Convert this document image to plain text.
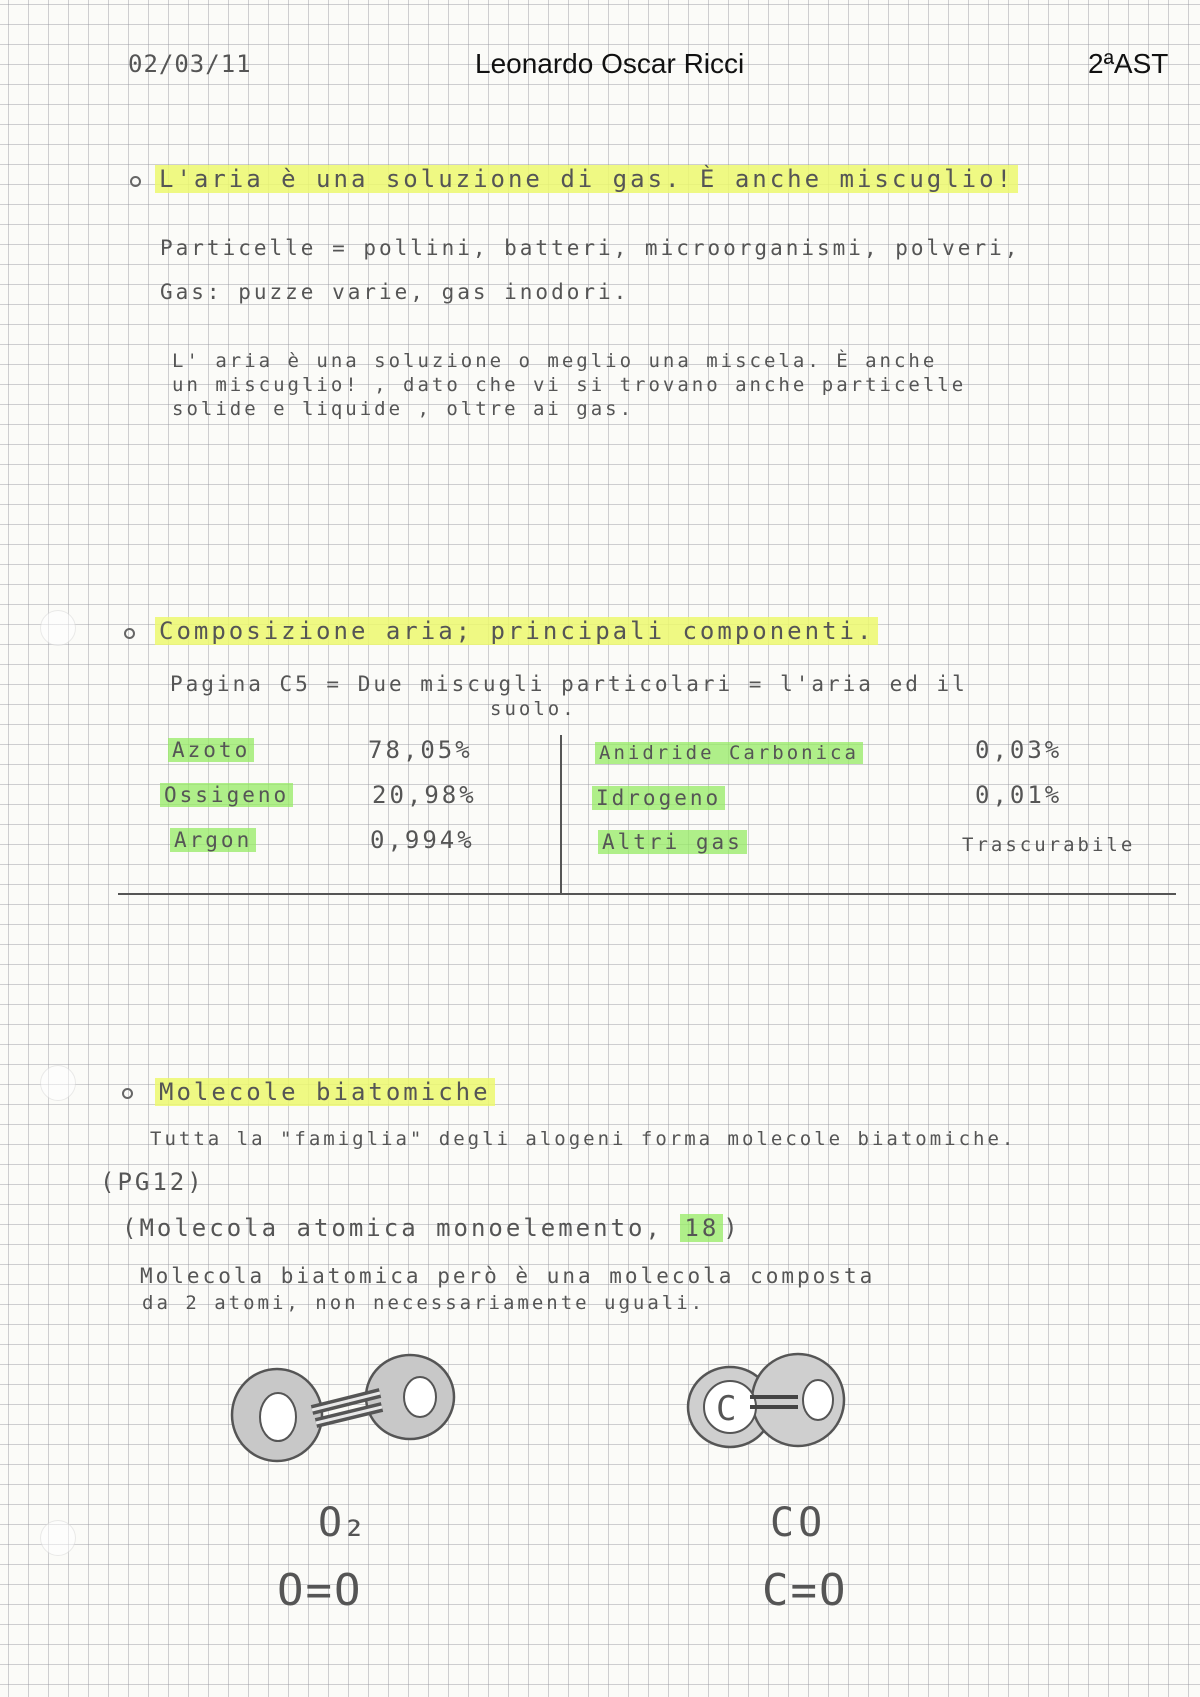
02/03/11	Leonardo Oscar Ricci	2ªAST
L'aria è una soluzione di gas. È anche miscuglio!
Particelle = pollini, batteri, microorganismi, polveri,
Gas: puzze varie, gas inodori.
L' aria è una soluzione o meglio una miscela. È anche
un miscuglio! , dato che vi si trovano anche particelle
solide e liquide , oltre ai gas.
Composizione aria; principali componenti.
Pagina C5 = Due miscugli particolari = l'aria ed il
suolo.
Azoto
Ossigeno
Argon
78,05%
20,98%
0,994%
Anidride Carbonica
Idrogeno
Altri gas
0,03%
0,01%
Trascurabile
Molecole biatomiche
Tutta la "famiglia" degli alogeni forma molecole biatomiche.
(PG12)
(Molecola atomica monoelemento, 18 )
Molecola biatomica però è una molecola composta
da 2 atomi, non necessariamente uguali.
C
O₂
O=O
CO
C=O
